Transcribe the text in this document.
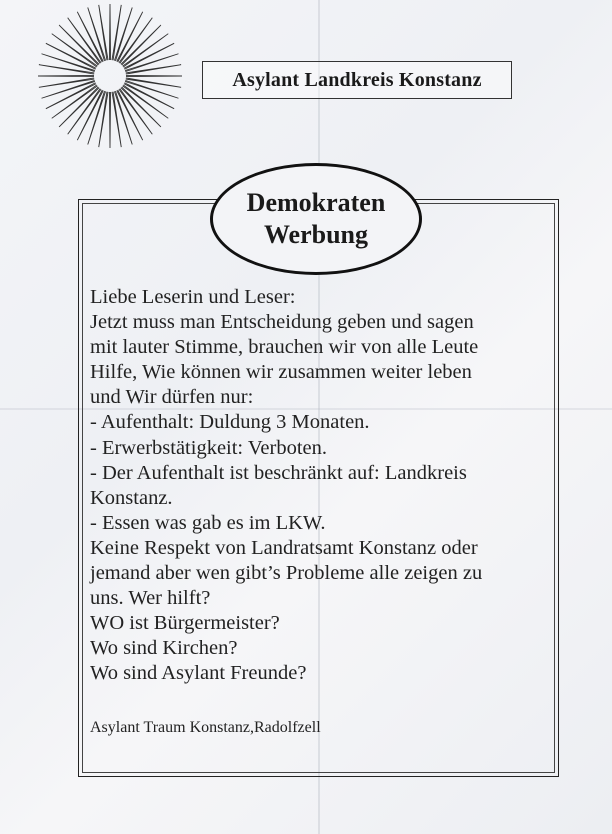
Asylant Landkreis Konstanz
Demokraten
Werbung
Liebe Leserin und Leser:
Jetzt muss man Entscheidung geben und sagen
mit lauter Stimme, brauchen wir von alle Leute
Hilfe, Wie können wir zusammen weiter leben
und Wir dürfen nur:
- Aufenthalt: Duldung 3 Monaten.
- Erwerbstätigkeit: Verboten.
- Der Aufenthalt ist beschränkt auf: Landkreis
Konstanz.
- Essen was gab es im LKW.
Keine Respekt von Landratsamt Konstanz oder
jemand aber wen gibt’s Probleme alle zeigen zu
uns. Wer hilft?
WO ist Bürgermeister?
Wo sind Kirchen?
Wo sind Asylant Freunde?
Asylant Traum Konstanz,Radolfzell
